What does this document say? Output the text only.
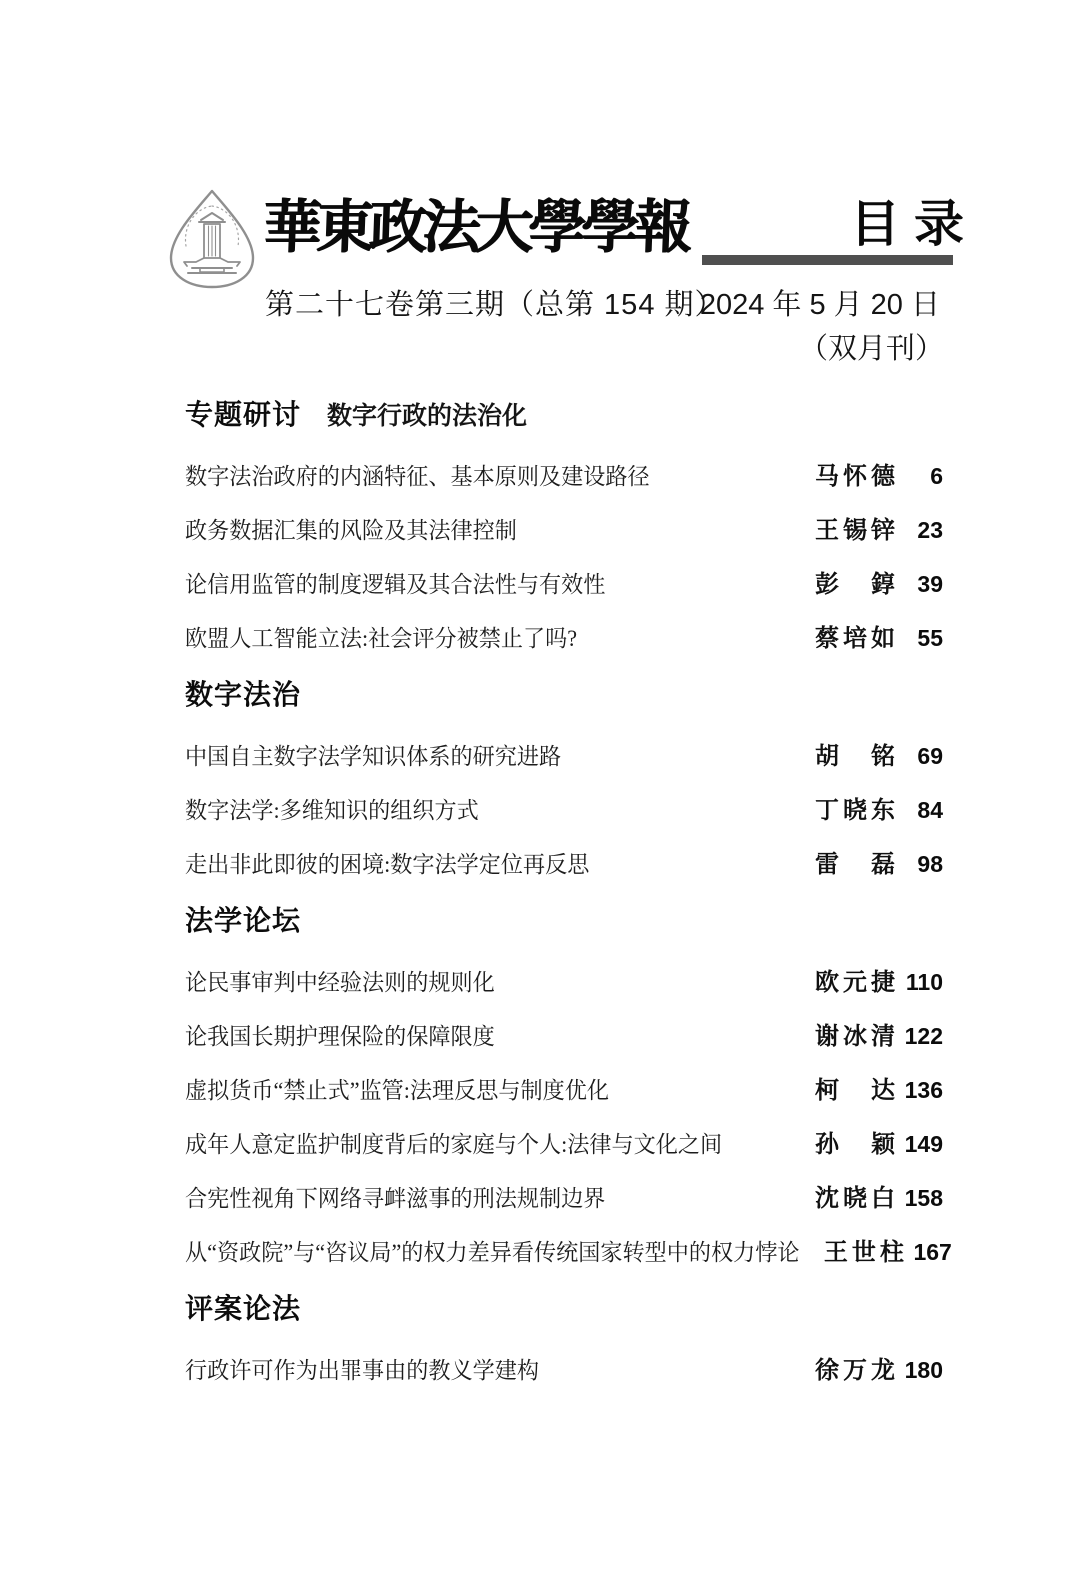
華東政法大學學報	目录
第二十七卷第三期（总第 154 期）
2024 年 5 月 20 日
（双月刊）
专题研讨 数字行政的法治化
数字法治政府的内涵特征、基本原则及建设路径	马怀德	6
政务数据汇集的风险及其法律控制	王锡锌 23
论信用监管的制度逻辑及其合法性与有效性	彭錞 39
欧盟人工智能立法:社会评分被禁止了吗?	蔡培如 55
数字法治
中国自主数字法学知识体系的研究进路	胡铭 69
数字法学:多维知识的组织方式	丁晓东 84
走出非此即彼的困境:数字法学定位再反思	雷磊 98
法学论坛
论民事审判中经验法则的规则化	欧元捷 110
论我国长期护理保险的保障限度	谢冰清 122
虚拟货币“禁止式”监管:法理反思与制度优化	柯达 136
成年人意定监护制度背后的家庭与个人:法律与文化之间	孙颖 149
合宪性视角下网络寻衅滋事的刑法规制边界	沈晓白 158
从“资政院”与“咨议局”的权力差异看传统国家转型中的权力悖论 王世柱 167
评案论法
行政许可作为出罪事由的教义学建构	徐万龙 180
